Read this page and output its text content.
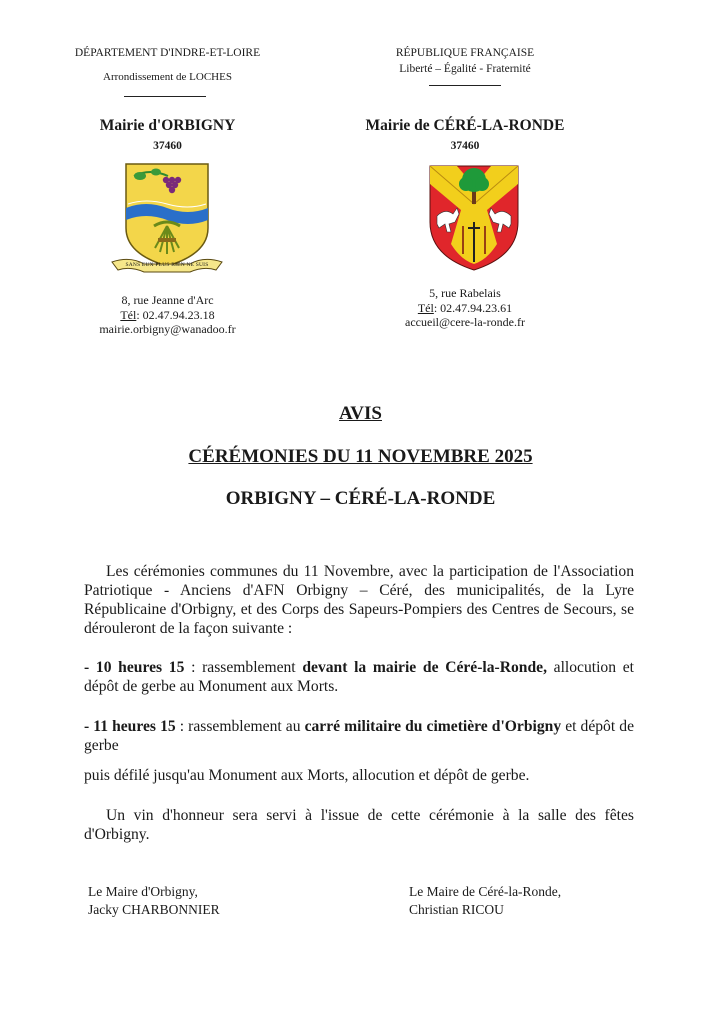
DÉPARTEMENT D'INDRE-ET-LOIRE
Arrondissement de LOCHES
Mairie d'ORBIGNY
37460
SANS EUX PLUS RIEN NE SUIS
8, rue Jeanne d'Arc
Tél: 02.47.94.23.18
mairie.orbigny@wanadoo.fr
RÉPUBLIQUE FRANÇAISE
Liberté – Égalité - Fraternité
Mairie de CÉRÉ-LA-RONDE
37460
5, rue Rabelais
Tél: 02.47.94.23.61
accueil@cere-la-ronde.fr
AVIS
CÉRÉMONIES DU 11 NOVEMBRE 2025
ORBIGNY – CÉRÉ-LA-RONDE
Les cérémonies communes du 11 Novembre, avec la participation de l'Association Patriotique - Anciens d'AFN Orbigny – Céré, des municipalités, de la Lyre Républicaine d'Orbigny, et des Corps des Sapeurs-Pompiers des Centres de Secours, se dérouleront de la façon suivante :
- 10 heures 15 : rassemblement devant la mairie de Céré-la-Ronde, allocution et dépôt de gerbe au Monument aux Morts.
- 11 heures 15 : rassemblement au carré militaire du cimetière d'Orbigny et dépôt de gerbe
puis défilé jusqu'au Monument aux Morts, allocution et dépôt de gerbe.
Un vin d'honneur sera servi à l'issue de cette cérémonie à la salle des fêtes d'Orbigny.
Le Maire d'Orbigny,
Jacky CHARBONNIER
Le Maire de Céré-la-Ronde,
Christian RICOU
